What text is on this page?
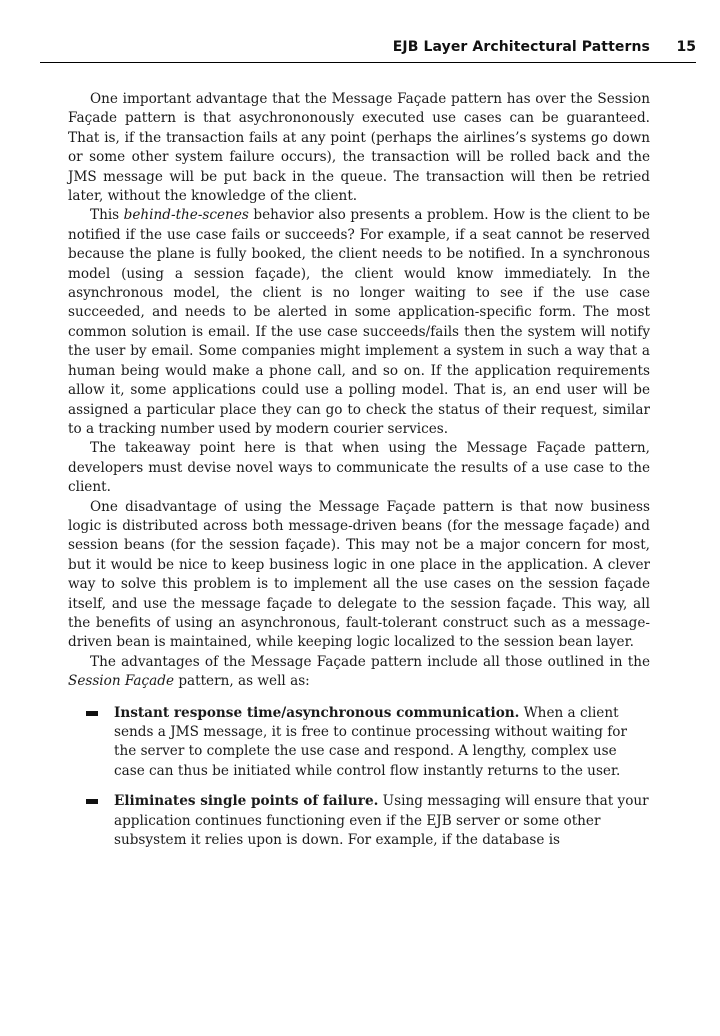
EJB Layer Architectural Patterns 15

One important advantage that the Message Façade pattern has over the Session Façade pattern is that asychrononously executed use cases can be guaranteed. That is, if the transaction fails at any point (perhaps the airlines’s systems go down or some other system failure occurs), the transaction will be rolled back and the JMS message will be put back in the queue. The transaction will then be retried later, without the knowledge of the client.

This behind-the-scenes behavior also presents a problem. How is the client to be notified if the use case fails or succeeds? For example, if a seat cannot be reserved because the plane is fully booked, the client needs to be notified. In a synchronous model (using a session façade), the client would know immediately. In the asynchronous model, the client is no longer waiting to see if the use case succeeded, and needs to be alerted in some application-specific form. The most common solution is email. If the use case succeeds/fails then the system will notify the user by email. Some companies might implement a system in such a way that a human being would make a phone call, and so on. If the application requirements allow it, some applications could use a polling model. That is, an end user will be assigned a particular place they can go to check the status of their request, similar to a tracking number used by modern courier services.

The takeaway point here is that when using the Message Façade pattern, developers must devise novel ways to communicate the results of a use case to the client.

One disadvantage of using the Message Façade pattern is that now business logic is distributed across both message-driven beans (for the message façade) and session beans (for the session façade). This may not be a major concern for most, but it would be nice to keep business logic in one place in the application. A clever way to solve this problem is to implement all the use cases on the session façade itself, and use the message façade to delegate to the session façade. This way, all the benefits of using an asynchronous, fault-tolerant construct such as a message-driven bean is maintained, while keeping logic localized to the session bean layer.

The advantages of the Message Façade pattern include all those outlined in the Session Façade pattern, as well as:

Instant response time/asynchronous communication. When a client sends a JMS message, it is free to continue processing without waiting for the server to complete the use case and respond. A lengthy, complex use case can thus be initiated while control flow instantly returns to the user.
Eliminates single points of failure. Using messaging will ensure that your application continues functioning even if the EJB server or some other subsystem it relies upon is down. For example, if the database is
